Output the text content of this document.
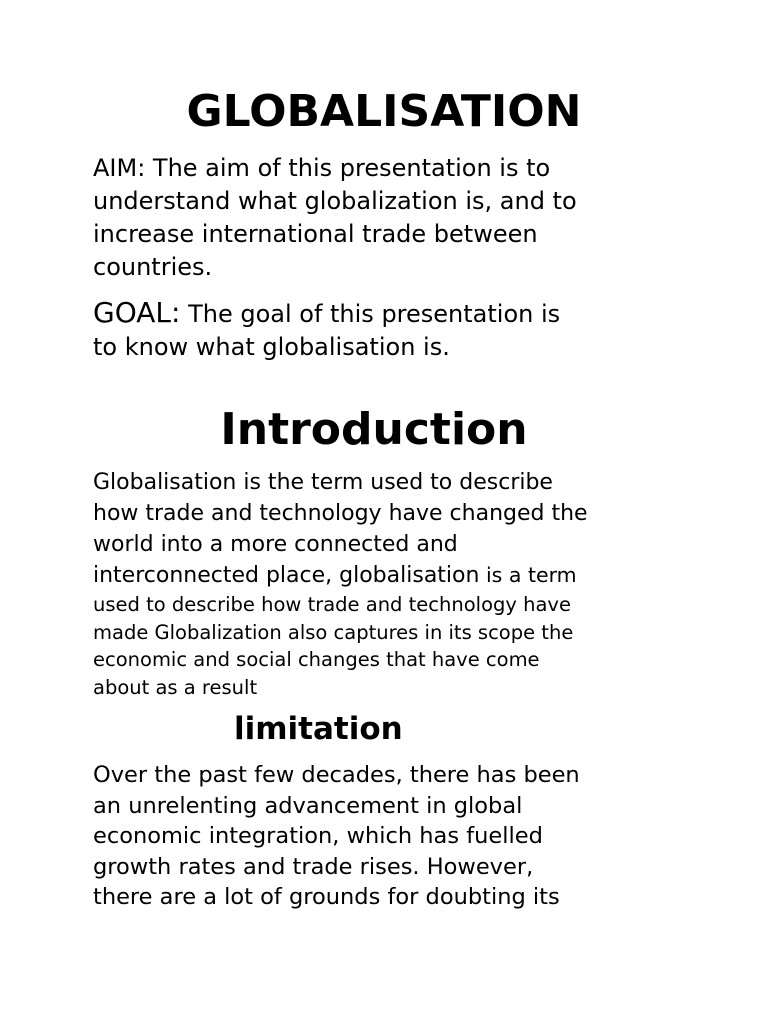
GLOBALISATION
AIM: The aim of this presentation is to
understand what globalization is, and to
increase international trade between
countries.
GOAL: The goal of this presentation is
to know what globalisation is.
Introduction
Globalisation is the term used to describe
how trade and technology have changed the
world into a more connected and
interconnected place, globalisation is a term
used to describe how trade and technology have
made Globalization also captures in its scope the
economic and social changes that have come
about as a result
limitation
Over the past few decades, there has been
an unrelenting advancement in global
economic integration, which has fuelled
growth rates and trade rises. However,
there are a lot of grounds for doubting its
